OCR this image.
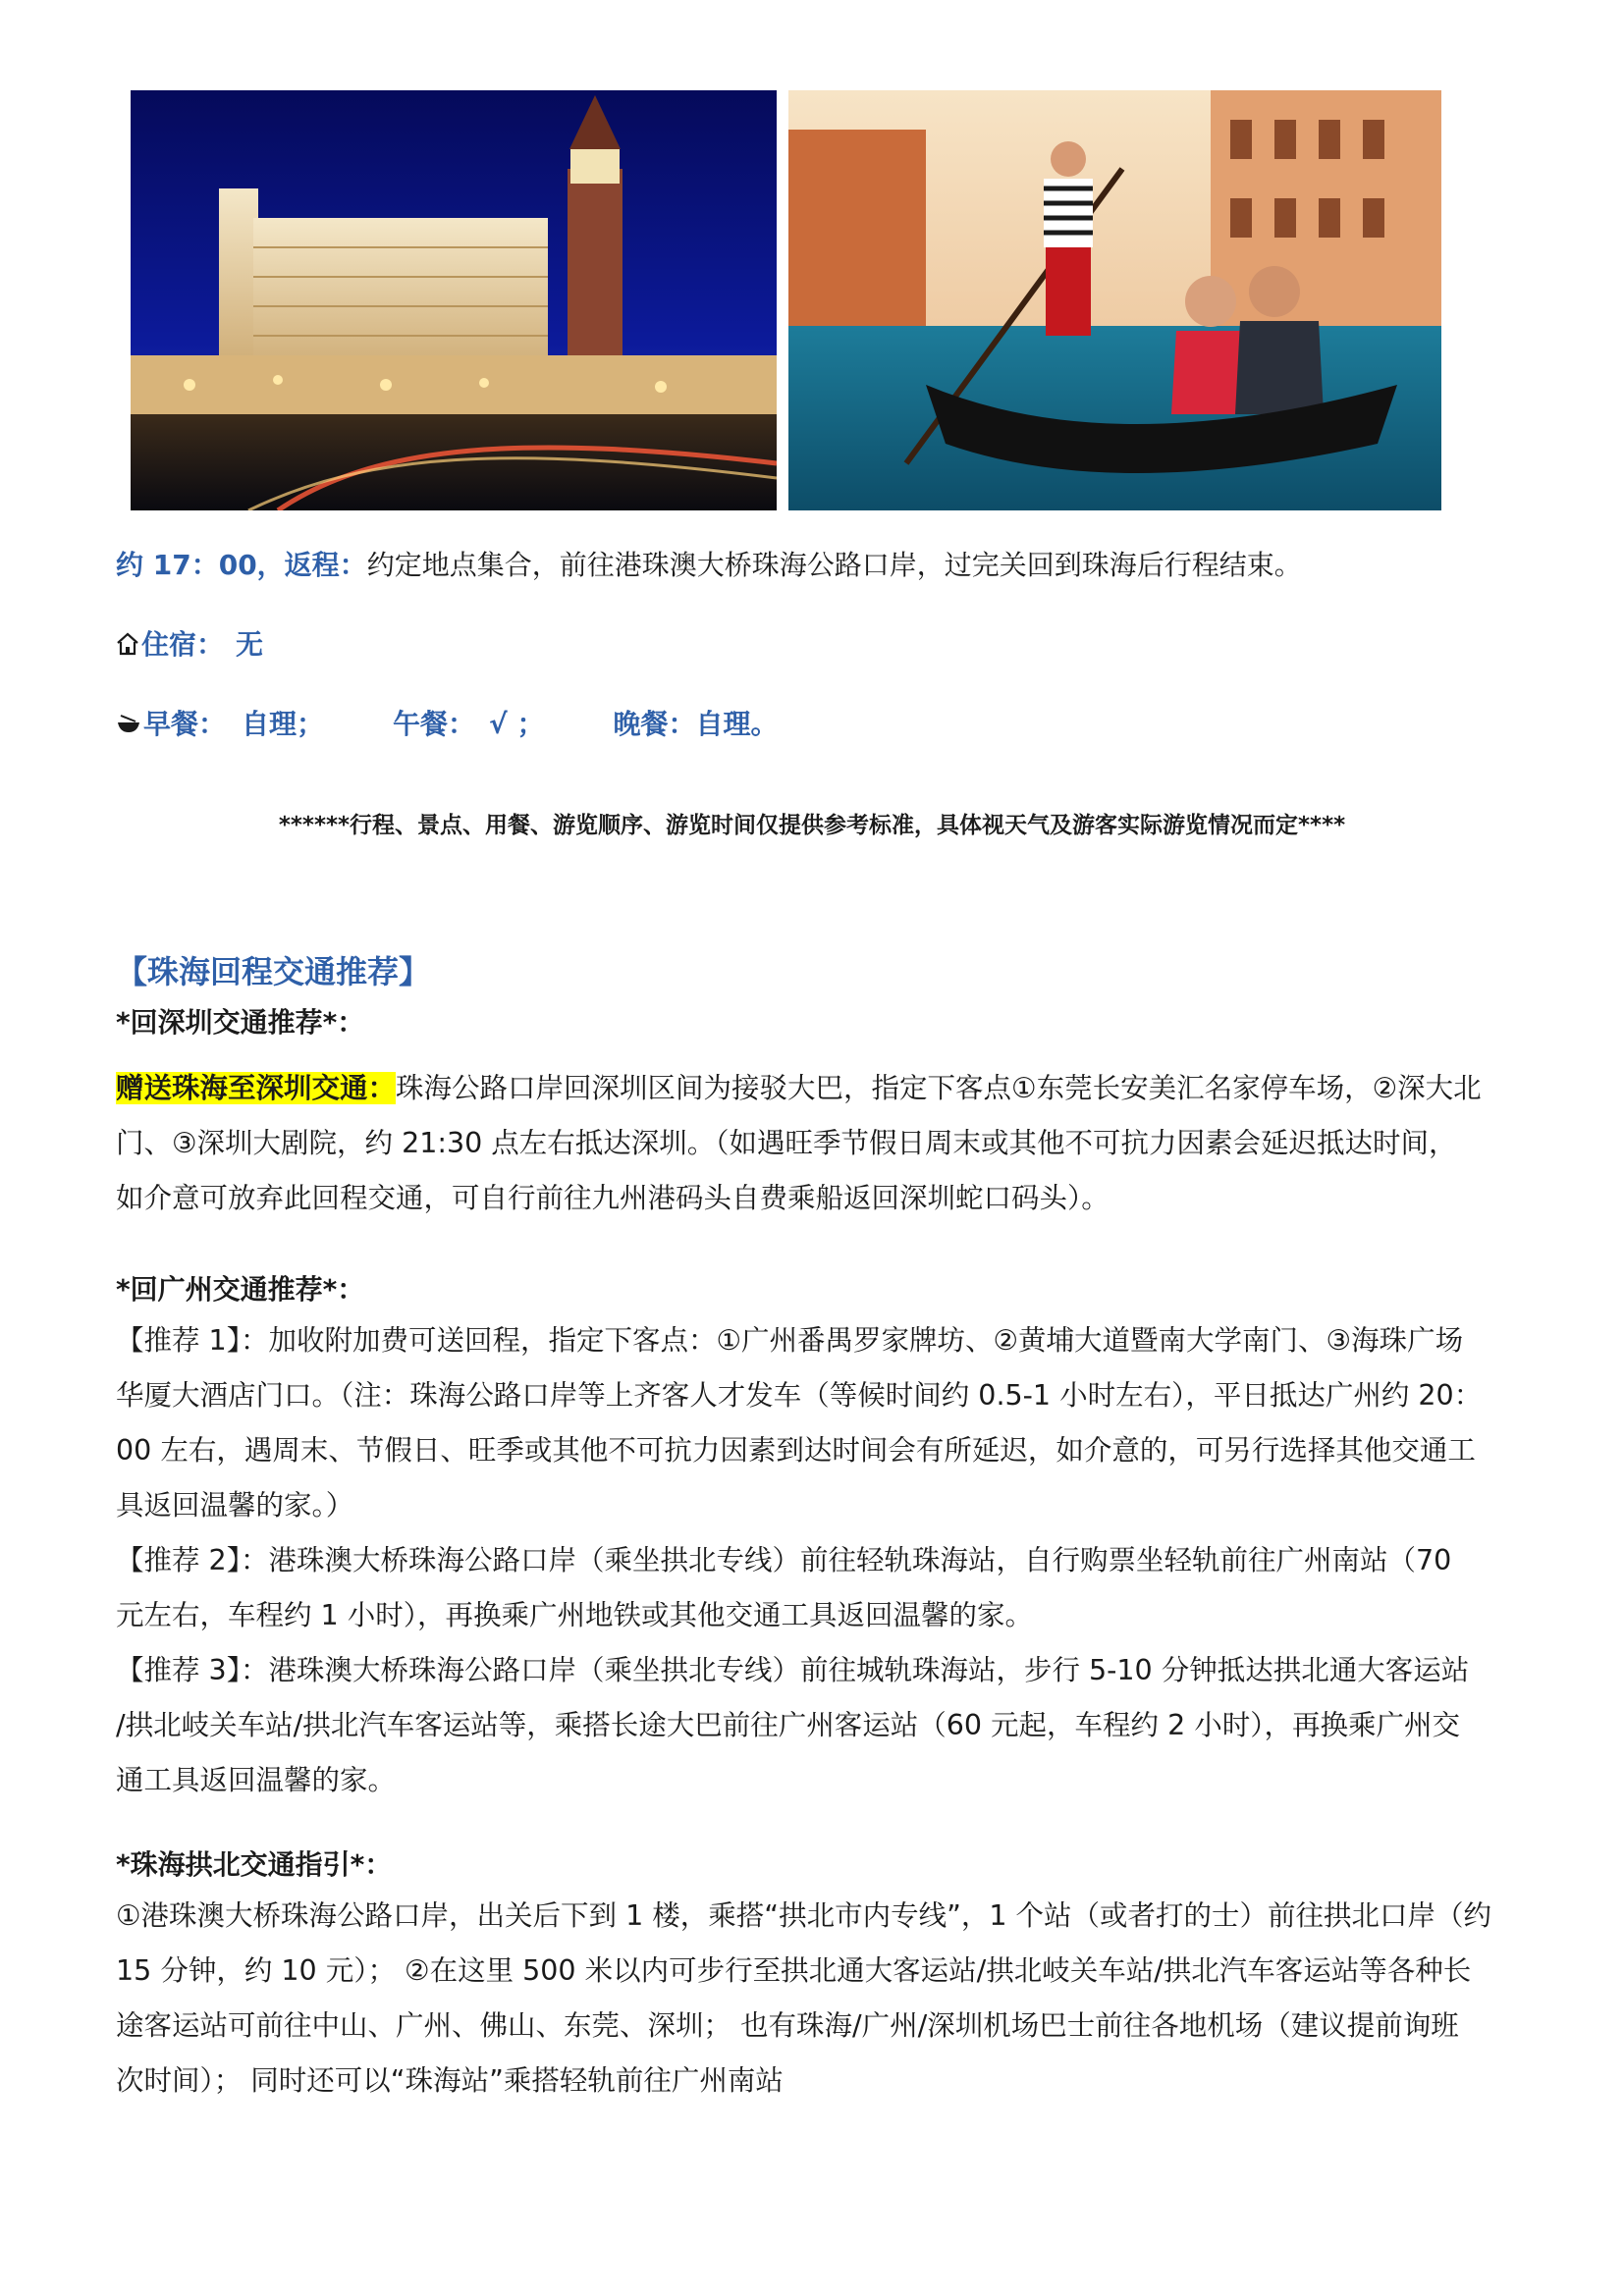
约 17：00，返程：约定地点集合，前往港珠澳大桥珠海公路口岸，过完关回到珠海后行程结束。
住宿： 无
早餐： 自理；	午餐： √ ；	晚餐：自理。
******行程、景点、用餐、游览顺序、游览时间仅提供参考标准，具体视天气及游客实际游览情况而定****
【珠海回程交通推荐】
*回深圳交通推荐*：
赠送珠海至深圳交通：珠海公路口岸回深圳区间为接驳大巴，指定下客点①东莞长安美汇名家停车场，②深大北
门、③深圳大剧院，约 21:30 点左右抵达深圳。（如遇旺季节假日周末或其他不可抗力因素会延迟抵达时间，
如介意可放弃此回程交通，可自行前往九州港码头自费乘船返回深圳蛇口码头）。
*回广州交通推荐*：
【推荐 1】：加收附加费可送回程，指定下客点：①广州番禺罗家牌坊、②黄埔大道暨南大学南门、③海珠广场
华厦大酒店门口。（注：珠海公路口岸等上齐客人才发车（等候时间约 0.5-1 小时左右），平日抵达广州约 20：
00 左右，遇周末、节假日、旺季或其他不可抗力因素到达时间会有所延迟，如介意的，可另行选择其他交通工
具返回温馨的家。）
【推荐 2】：港珠澳大桥珠海公路口岸（乘坐拱北专线）前往轻轨珠海站，自行购票坐轻轨前往广州南站（70
元左右，车程约 1 小时），再换乘广州地铁或其他交通工具返回温馨的家。
【推荐 3】：港珠澳大桥珠海公路口岸（乘坐拱北专线）前往城轨珠海站，步行 5-10 分钟抵达拱北通大客运站
/拱北岐关车站/拱北汽车客运站等，乘搭长途大巴前往广州客运站（60 元起，车程约 2 小时），再换乘广州交
通工具返回温馨的家。
*珠海拱北交通指引*：
①港珠澳大桥珠海公路口岸，出关后下到 1 楼，乘搭“拱北市内专线”，1 个站（或者打的士）前往拱北口岸（约
15 分钟，约 10 元）； ②在这里 500 米以内可步行至拱北通大客运站/拱北岐关车站/拱北汽车客运站等各种长
途客运站可前往中山、广州、佛山、东莞、深圳； 也有珠海/广州/深圳机场巴士前往各地机场（建议提前询班
次时间）； 同时还可以“珠海站”乘搭轻轨前往广州南站
